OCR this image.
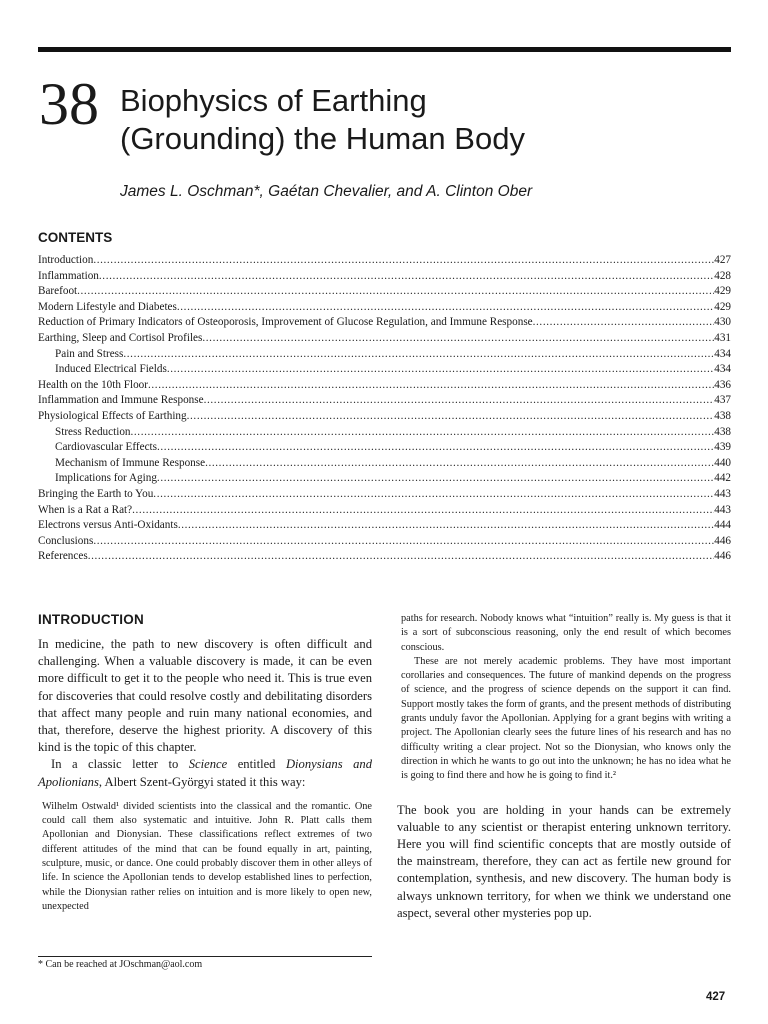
38 Biophysics of Earthing
(Grounding) the Human Body
James L. Oschman*, Gaétan Chevalier, and A. Clinton Ober
CONTENTS
Introduction .....	427
Inflammation .....	428
Barefoot .....	429
Modern Lifestyle and Diabetes .....	429
Reduction of Primary Indicators of Osteoporosis, Improvement of Glucose Regulation, and Immune Response .....	430
Earthing, Sleep and Cortisol Profiles .....	431
Pain and Stress .....	434
Induced Electrical Fields .....	434
Health on the 10th Floor .....	436
Inflammation and Immune Response .....	437
Physiological Effects of Earthing .....	438
Stress Reduction .....	438
Cardiovascular Effects .....	439
Mechanism of Immune Response .....	440
Implications for Aging .....	442
Bringing the Earth to You .....	443
When is a Rat a Rat? .....	443
Electrons versus Anti-Oxidants .....	444
Conclusions .....	446
References .....	446
INTRODUCTION

In medicine, the path to new discovery is often difficult and challenging. When a valuable discovery is made, it can be even more difficult to get it to the people who need it. This is true even for discoveries that could resolve costly and debilitating disorders that affect many people and ruin many national economies, and that, therefore, deserve the highest priority. A discovery of this kind is the topic of this chapter.

In a classic letter to Science entitled Dionysians and Apolionians, Albert Szent-Györgyi stated it this way:

Wilhelm Ostwald¹ divided scientists into the classical and the romantic. One could call them also systematic and intuitive. John R. Platt calls them Apollonian and Dionysian. These classifications reflect extremes of two different attitudes of the mind that can be found equally in art, painting, sculpture, music, or dance. One could probably discover them in other alleys of life. In science the Apollonian tends to develop established lines to perfection, while the Dionysian rather relies on intuition and is more likely to open new, unexpected

* Can be reached at JOschman@aol.com

paths for research. Nobody knows what “intuition” really is. My guess is that it is a sort of subconscious reasoning, only the end result of which becomes conscious.

These are not merely academic problems. They have most important corollaries and consequences. The future of mankind depends on the progress of science, and the progress of science depends on the support it can find. Support mostly takes the form of grants, and the present methods of distributing grants unduly favor the Apollonian. Applying for a grant begins with writing a project. The Apollonian clearly sees the future lines of his research and has no difficulty writing a clear project. Not so the Dionysian, who knows only the direction in which he wants to go out into the unknown; he has no idea what he is going to find there and how he is going to find it.²

The book you are holding in your hands can be extremely valuable to any scientist or therapist entering unknown territory. Here you will find scientific concepts that are mostly outside of the mainstream, therefore, they can act as fertile new ground for contemplation, synthesis, and new discovery. The human body is always unknown territory, for when we think we understand one aspect, several other mysteries pop up.

427
